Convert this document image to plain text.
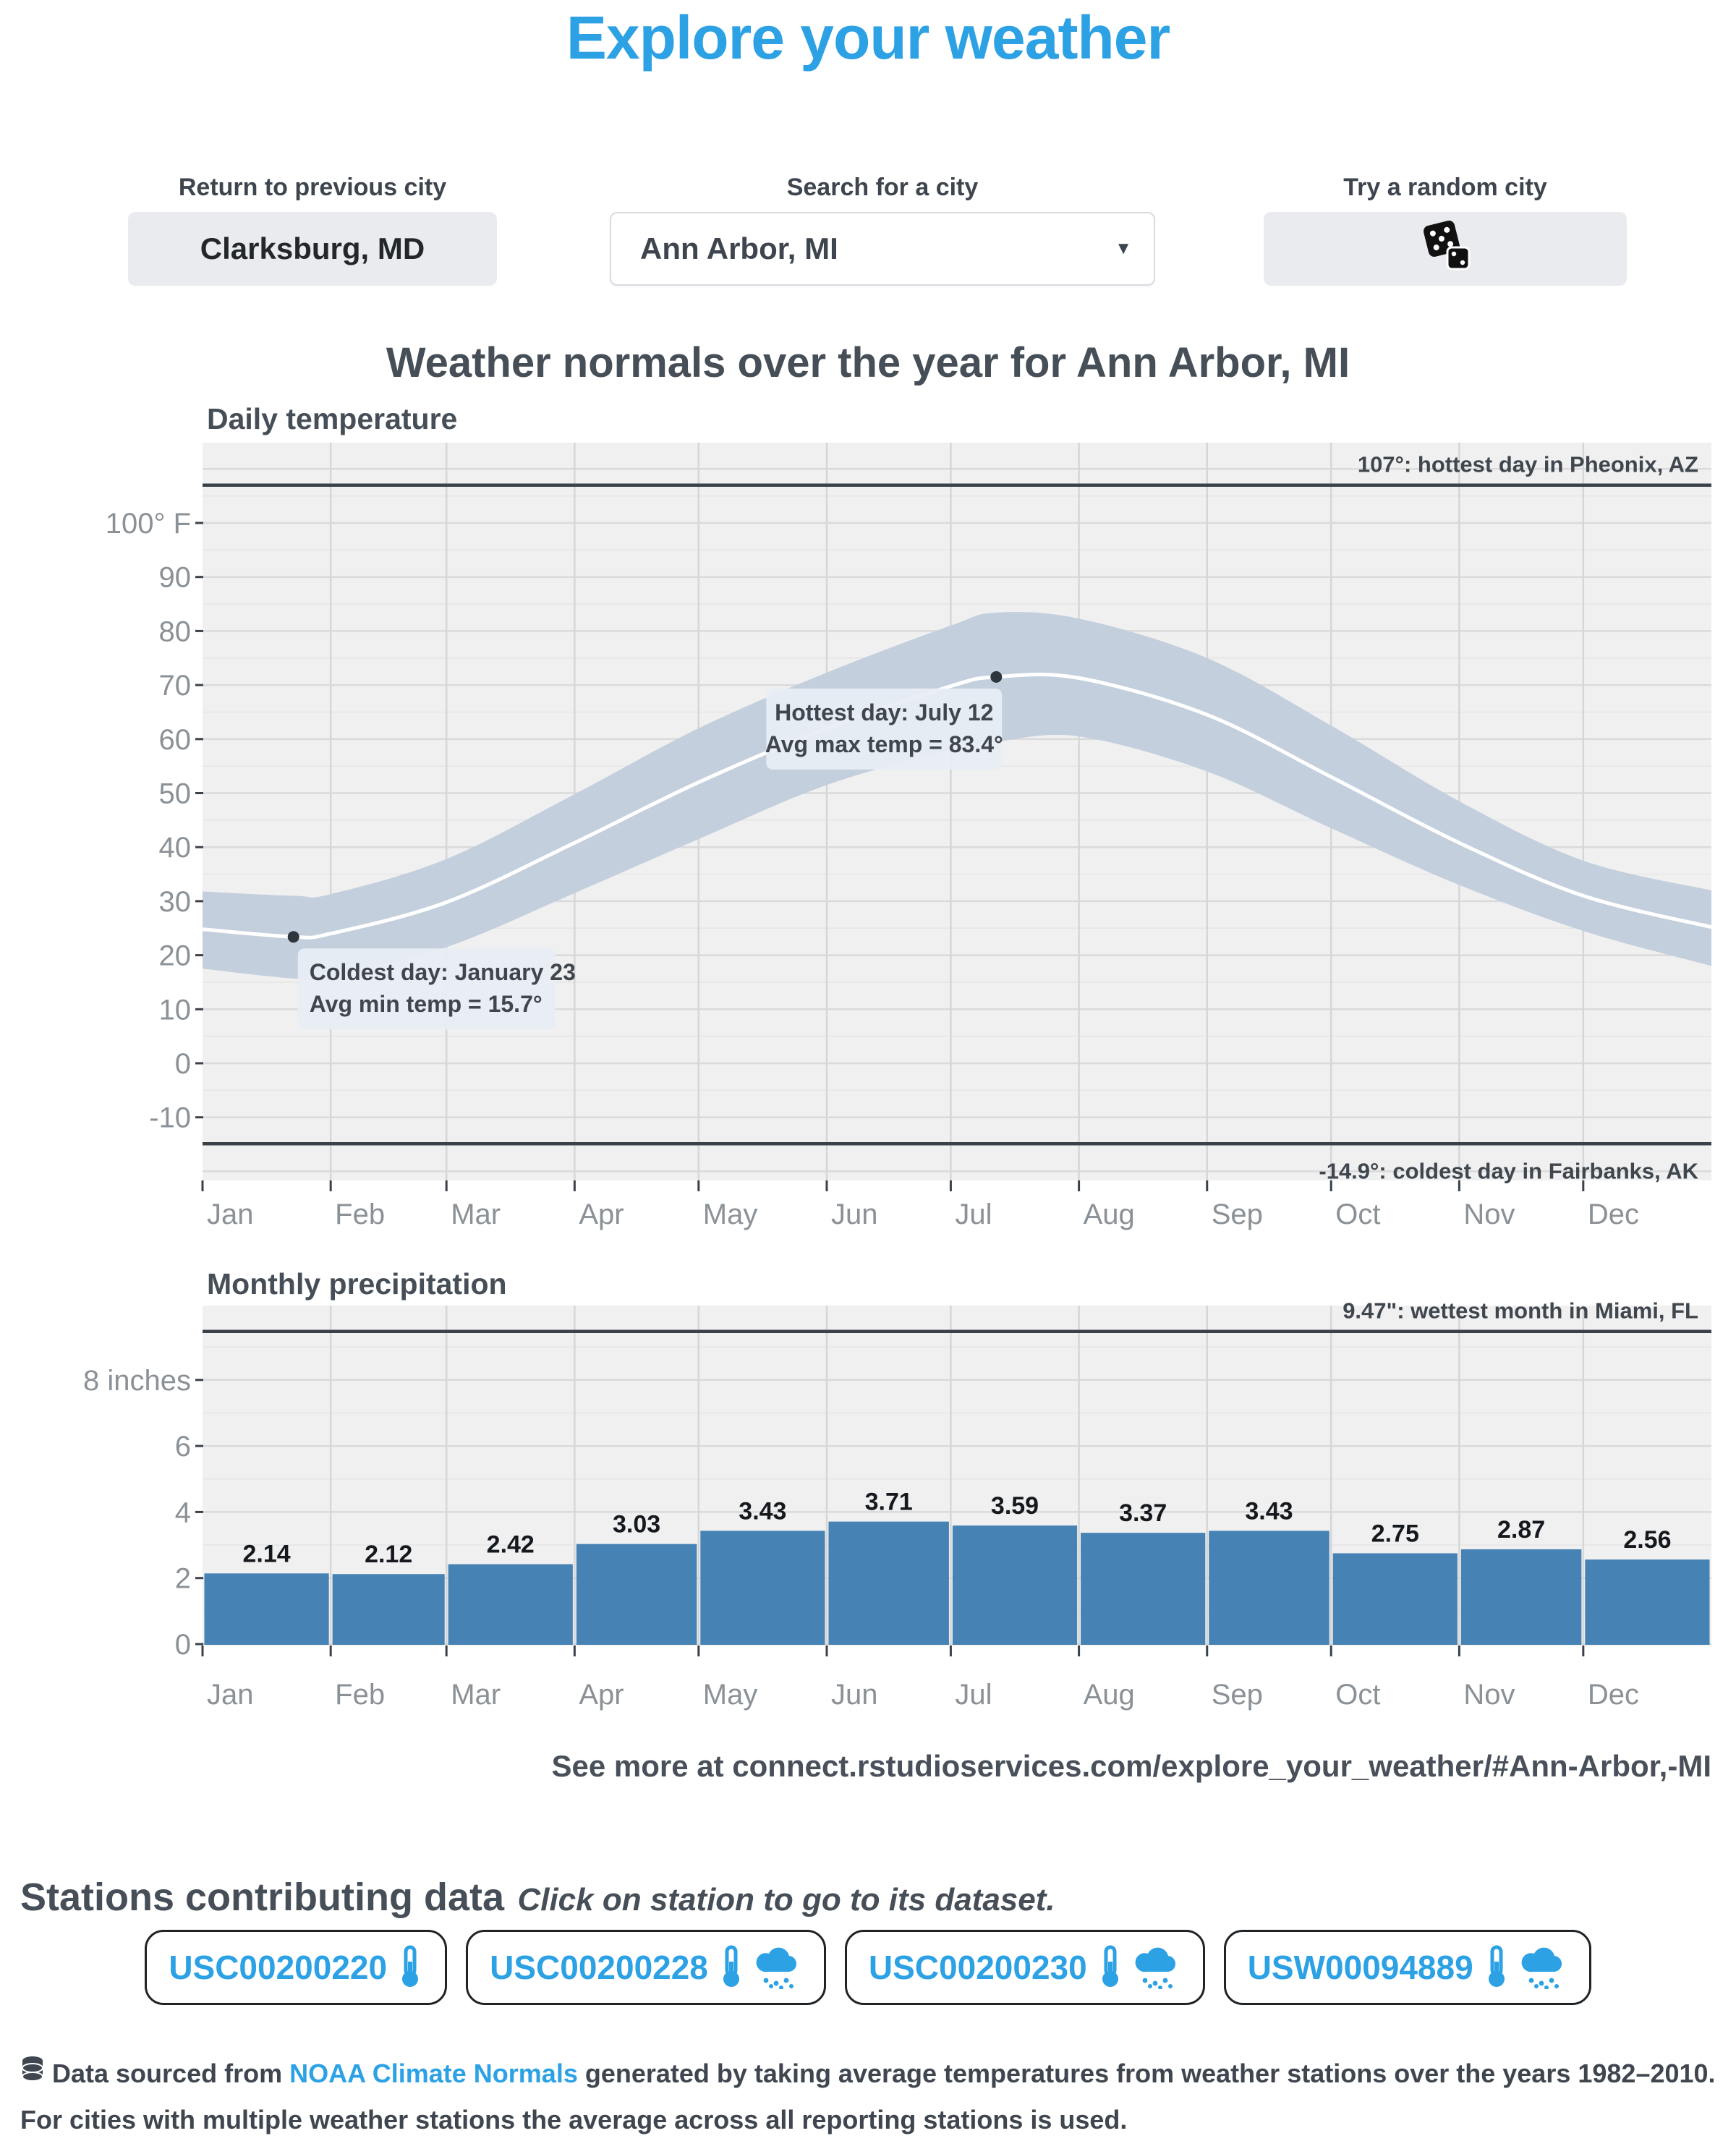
Explore your weather
Return to previous city
Clarksburg, MD
Search for a city
Ann Arbor, MI	▼
Try a random city
Weather normals over the year for Ann Arbor, MI
Daily temperature
107°: hottest day in Pheonix, AZ
-14.9°: coldest day in Fairbanks, AK
Coldest day: January 23
Avg min temp = 15.7°
Hottest day: July 12
Avg max temp = 83.4°
-10
0
10
20
30
40
50
60
70
80
90
100° F
Jan	Feb Mar	Apr	May	Jun	Jul	Aug	Sep	Oct	Nov	Dec
Monthly precipitation
2.14	2.12	2.42
3.03	3.43	3.71	3.59	3.37	3.43
2.75	2.87	2.56
9.47": wettest month in Miami, FL
0
2
4
6
8 inches
Jan	Feb Mar	Apr	May	Jun	Jul	Aug	Sep	Oct	Nov	Dec
See more at connect.rstudioservices.com/explore_your_weather/#Ann-Arbor,-MI
Stations contributing data Click on station to go to its dataset.
USC00200220	USC00200228	USC00200230	USW00094889
Data sourced from NOAA Climate Normals generated by taking average temperatures from weather stations over the years 1982–2010. For cities with multiple weather stations the average across all reporting stations is used.
